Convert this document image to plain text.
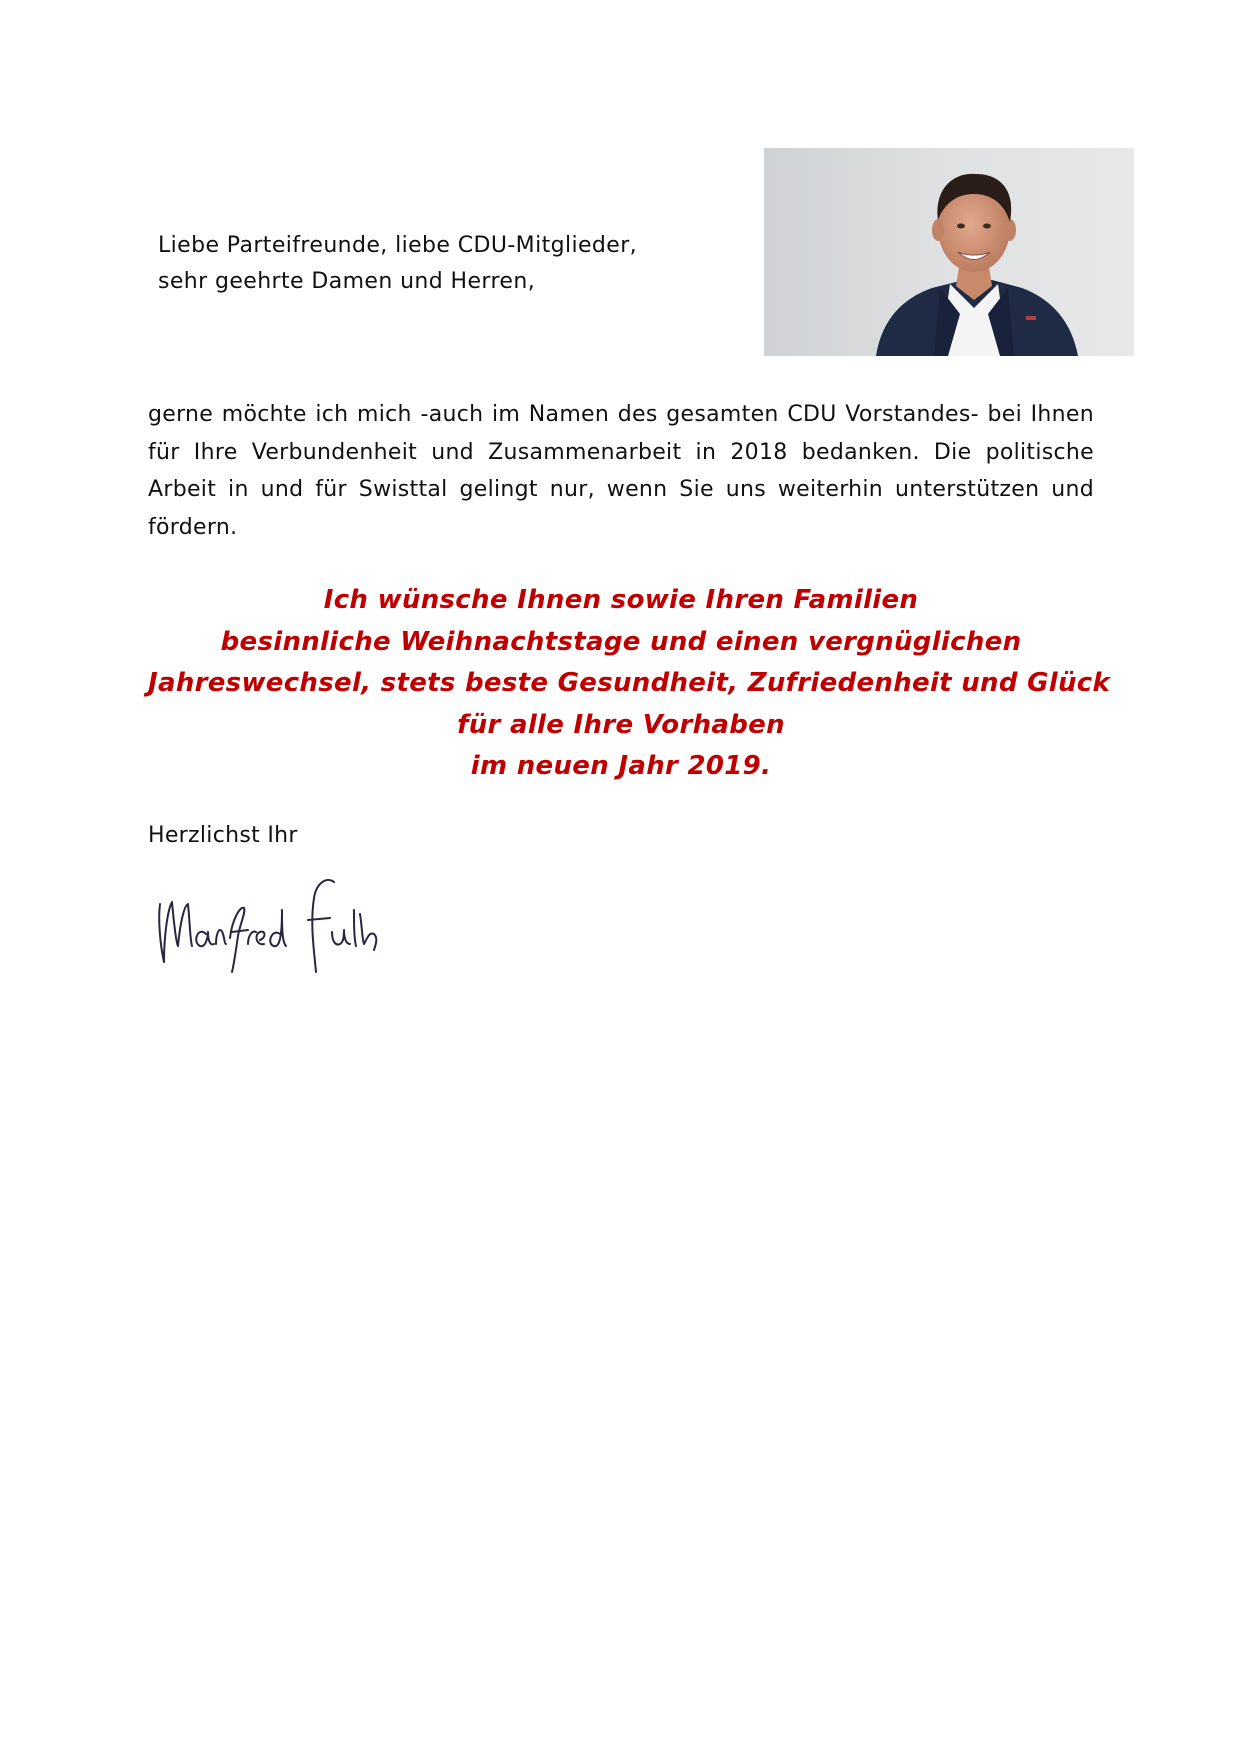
Liebe Parteifreunde, liebe CDU-Mitglieder,
sehr geehrte Damen und Herren,
gerne möchte ich mich -auch im Namen des gesamten CDU Vorstandes- bei Ihnen für Ihre Verbundenheit und Zusammenarbeit in 2018 bedanken. Die politische Arbeit in und für Swisttal gelingt nur, wenn Sie uns weiterhin unterstützen und fördern.
Ich wünsche Ihnen sowie Ihren Familien
besinnliche Weihnachtstage und einen vergnüglichen
Jahreswechsel, stets beste Gesundheit, Zufriedenheit und Glück
für alle Ihre Vorhaben
im neuen Jahr 2019.
Herzlichst Ihr
